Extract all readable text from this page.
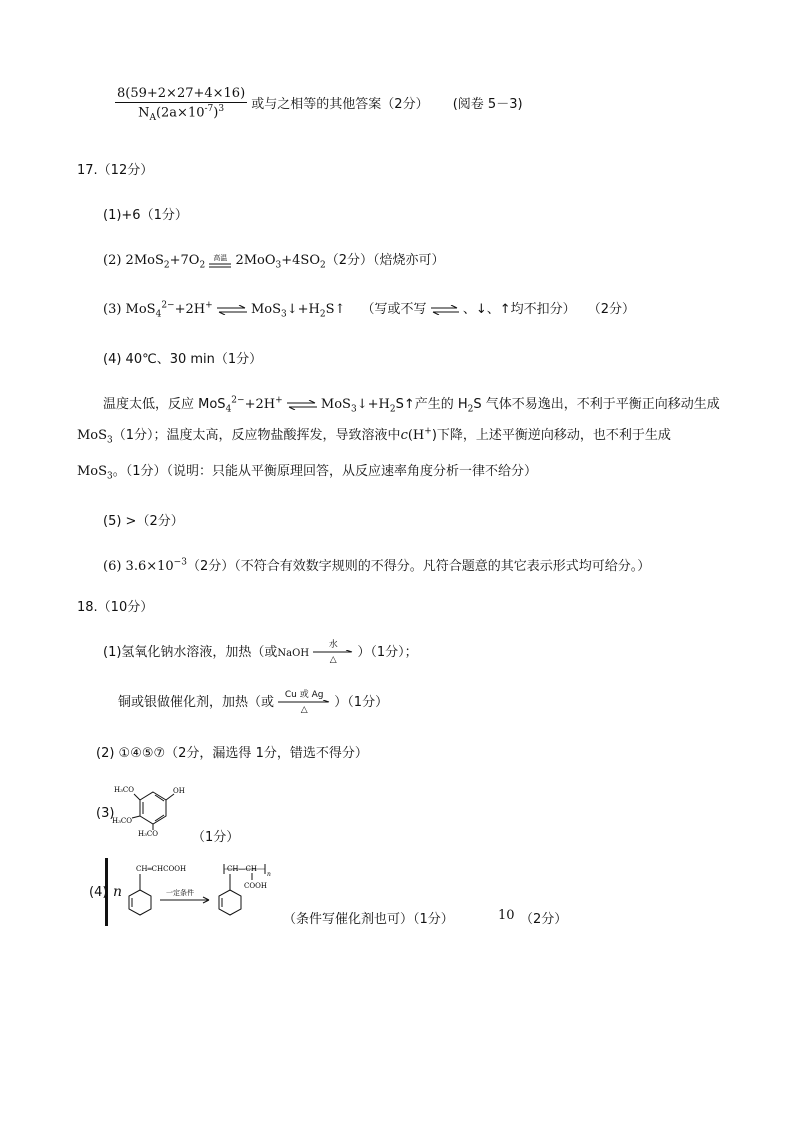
$\frac{8(59+2\times 27+4\times 16)}{N_A(2a\times 10^{-7})^3}$ 或与之相等的其他答案（2分） (阅卷 5－3)
17.（12分）
(1)+6（1分）
(2) $2MoS_2+7O_2$
高温 $2MoO_3+4SO_2(2$分）（焙烧亦可）
(3) MoS$_4^{2-}$+2H+ ⇌ $MoS_3↓+H_2S↑$ （写或不写	、↓、↑均不扣分） （2分）
(4) 40℃、30 min（1分）
温度太低，反应 MoS$_4^{2-}$+2H+ ⇌ $MoS_3↓+H_2S↑$产生的 $H_2S$ 气体不易逸出，不利于平衡正向移动生成
MoS$_3$（1分）；温度太高，反应物盐酸挥发，导致溶液中c(H+)下降，上述平衡逆向移动，也不利于生成
MoS$_3$。（1分）（说明：只能从平衡原理回答，从反应速率角度分析一律不给分）
(5) >（2分）
(6) $3.6\times 10^{-3}(2$分）（不符合有效数字规则的不得分。凡符合题意的其它表示形式均可给分。）
18.（10分）
(1)氢氧化钠水溶液，加热（或NaOH
水
△	）（1分）；
铜或银做催化剂，加热（或	Cu 或 Ag
△	）（1分）
(2) ①④⑤⑦（2分，漏选得 1分，错选不得分）
(3)
H₃CO	OH
H₃CO
H₃CO	（1分）
(4) n
CH═CHCOOH
一定条件
CH—CH
n
COOH
（条件写催化剂也可）（1分）	10 （2分）
